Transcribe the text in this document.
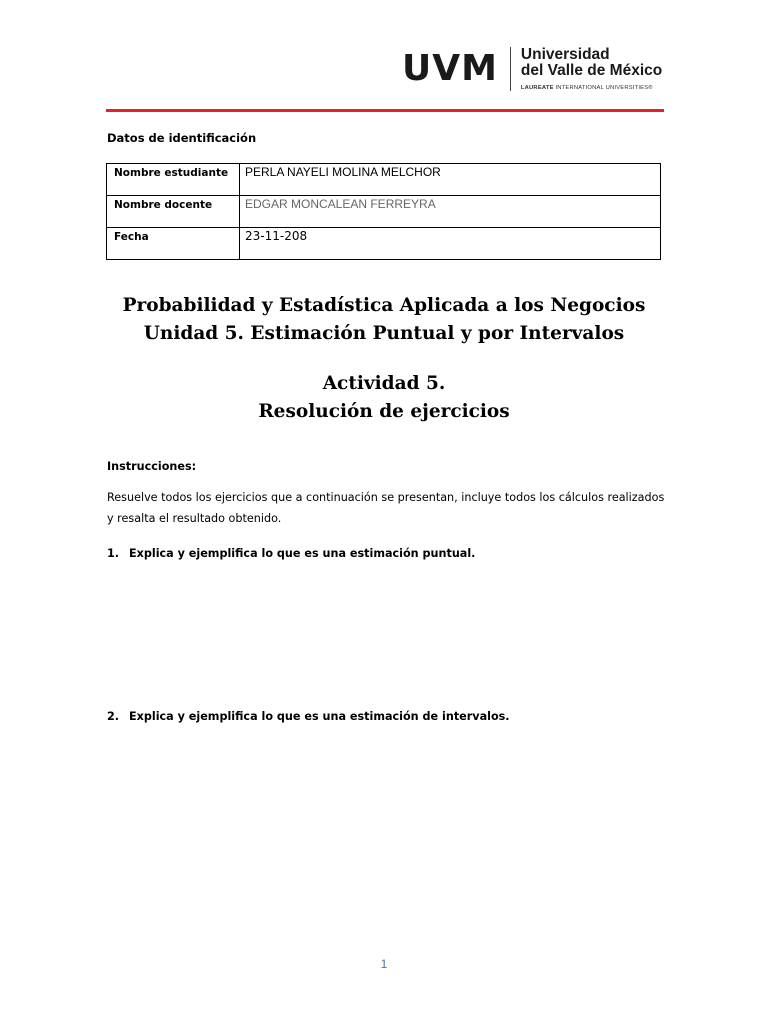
UVM Universidad
del Valle de México
LAUREATE INTERNATIONAL UNIVERSITIES®
Datos de identificación
Nombre estudiante	PERLA NAYELI MOLINA MELCHOR

Nombre docente	EDGAR MONCALEAN FERREYRA

Fecha	23-11-208
Probabilidad y Estadística Aplicada a los Negocios
Unidad 5. Estimación Puntual y por Intervalos
Actividad 5.
Resolución de ejercicios
Instrucciones:
Resuelve todos los ejercicios que a continuación se presentan, incluye todos los cálculos realizados y resalta el resultado obtenido.
1. Explica y ejemplifica lo que es una estimación puntual.
2. Explica y ejemplifica lo que es una estimación de intervalos.
1
